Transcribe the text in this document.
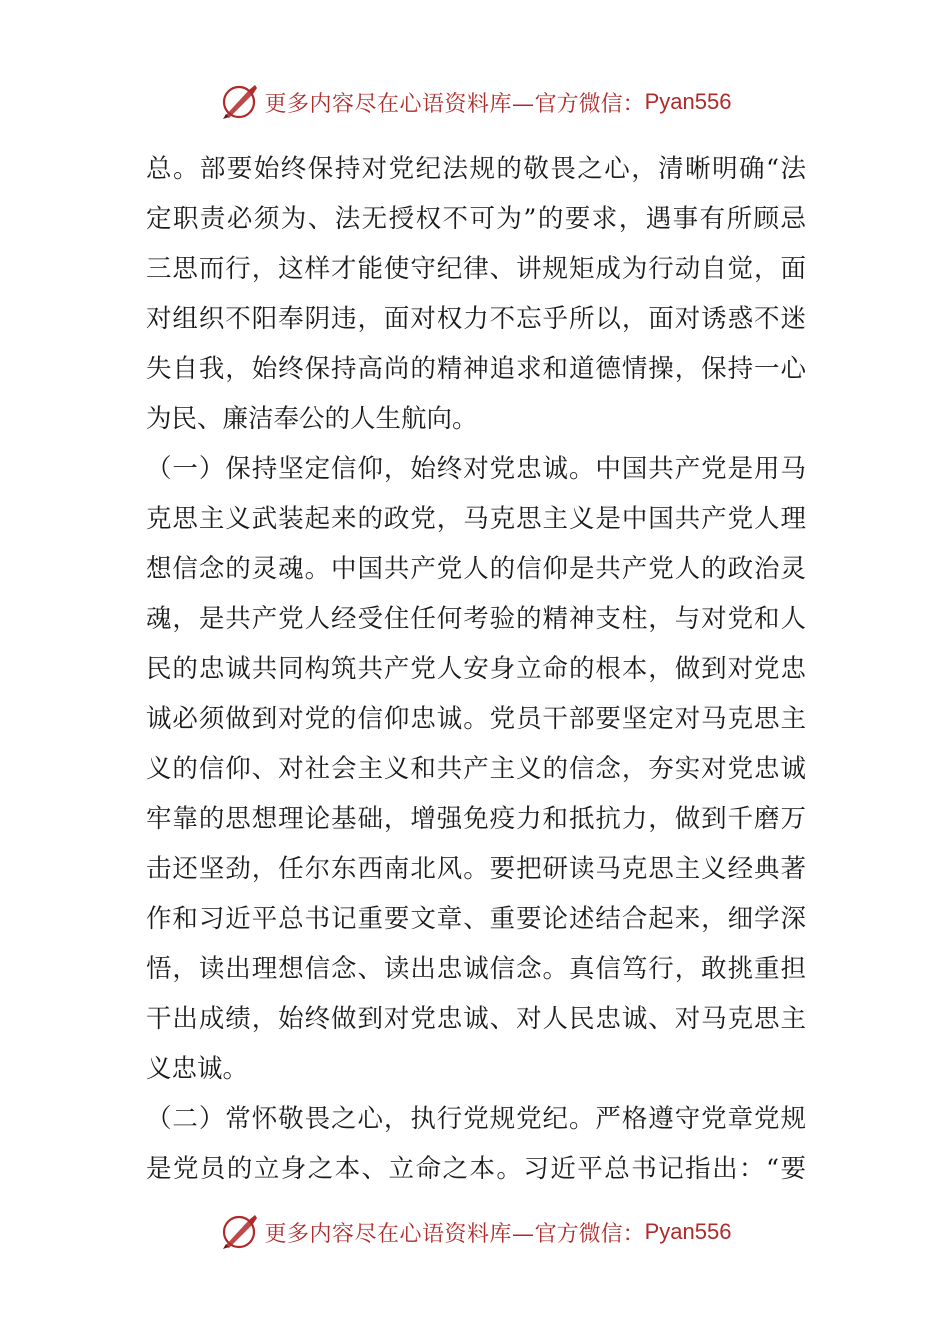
更多内容尽在心语资料库— 官方微信： Pyan556
总。部要始终保持对党纪法规的敬畏之心，清晰明确“法
定职责必须为、法无授权不可为”的要求，遇事有所顾忌
三思而行，这样才能使守纪律、讲规矩成为行动自觉，面
对组织不阳奉阴违，面对权力不忘乎所以，面对诱惑不迷
失自我，始终保持高尚的精神追求和道德情操，保持一心
为民、廉洁奉公的人生航向。
（一）保持坚定信仰，始终对党忠诚。中国共产党是用马
克思主义武装起来的政党，马克思主义是中国共产党人理
想信念的灵魂。中国共产党人的信仰是共产党人的政治灵
魂，是共产党人经受住任何考验的精神支柱，与对党和人
民的忠诚共同构筑共产党人安身立命的根本，做到对党忠
诚必须做到对党的信仰忠诚。党员干部要坚定对马克思主
义的信仰、对社会主义和共产主义的信念，夯实对党忠诚
牢靠的思想理论基础，增强免疫力和抵抗力，做到千磨万
击还坚劲，任尔东西南北风。要把研读马克思主义经典著
作和习近平总书记重要文章、重要论述结合起来，细学深
悟，读出理想信念、读出忠诚信念。真信笃行，敢挑重担
干出成绩，始终做到对党忠诚、对人民忠诚、对马克思主
义忠诚。
（二）常怀敬畏之心，执行党规党纪。严格遵守党章党规
是党员的立身之本、立命之本。习近平总书记指出：“要
更多内容尽在心语资料库— 官方微信： Pyan556
